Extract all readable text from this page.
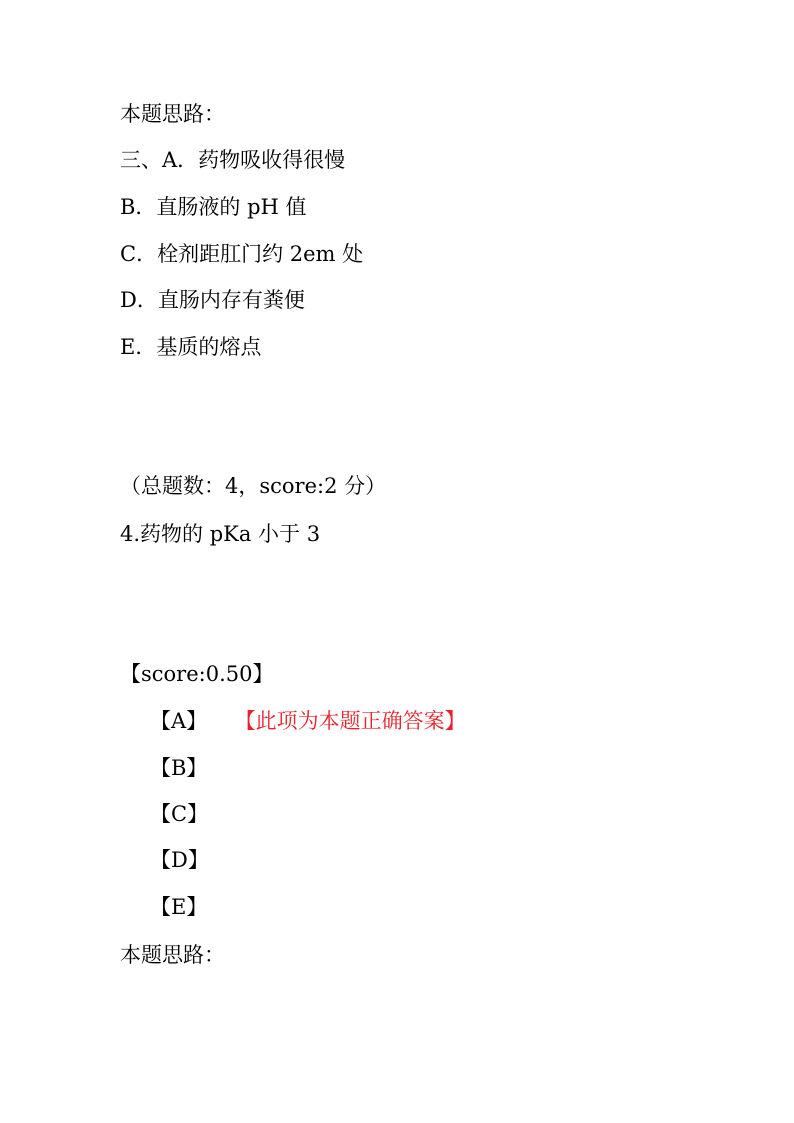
本题思路：
三、A．药物吸收得很慢
B．直肠液的 pH 值
C．栓剂距肛门约 2em 处
D．直肠内存有粪便
E．基质的熔点
（总题数：4，score:2 分）
4.药物的 pKa 小于 3
【score:0.50】
【A】 【此项为本题正确答案】
【B】
【C】
【D】
【E】
本题思路：
